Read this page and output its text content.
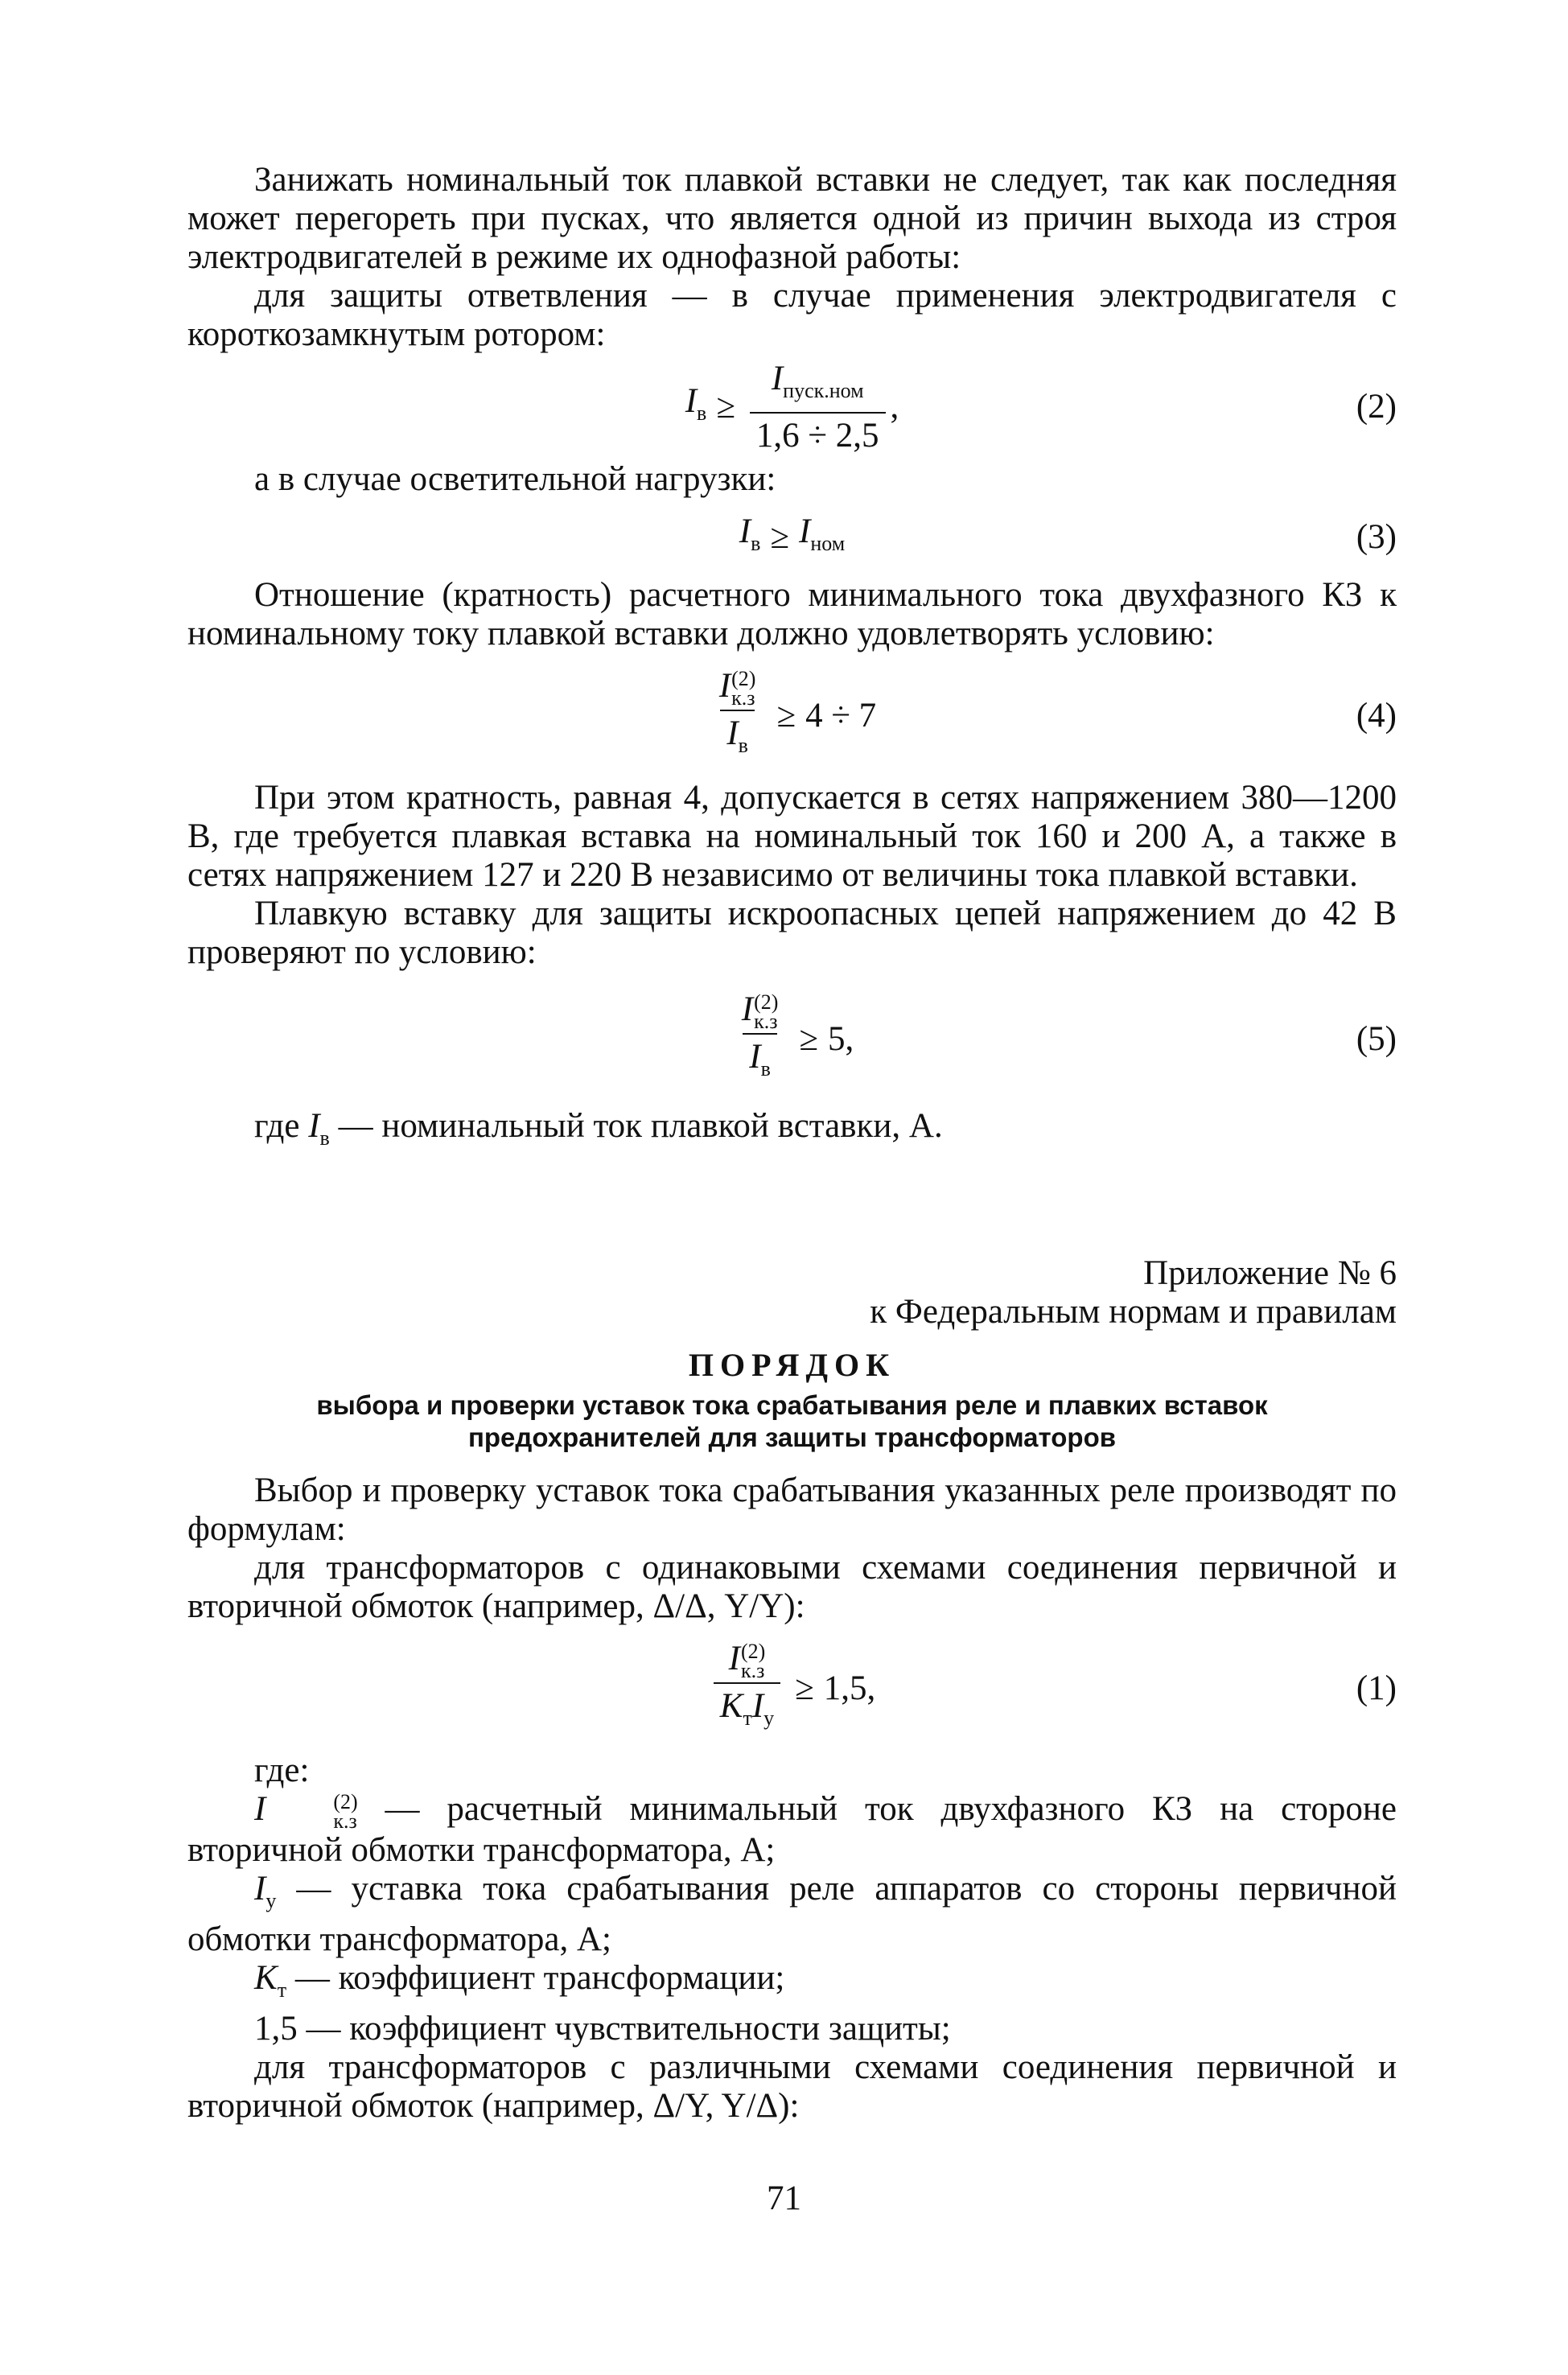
Занижать номинальный ток плавкой вставки не следует, так как последняя может перегореть при пусках, что является одной из причин выхода из строя электродвигателей в режиме их однофазной работы:

для защиты ответвления — в случае применения электродвигателя с короткозамкнутым ротором:

$I_в \ge \frac{I_{пуск.ном}}{1,6 \div 2,5}$ ,	(2)

а в случае осветительной нагрузки:

$I_в \ge I_{ном}$	(3)

Отношение (кратность) расчетного минимального тока двухфазного КЗ к номинальному току плавкой вставки должно удовлетворять условию:

I (2)
к.з
$I_в \ge 4 \div 7$	(4)

При этом кратность, равная 4, допускается в сетях напряжением 380—1200 В, где требуется плавкая вставка на номинальный ток 160 и 200 А, а также в сетях напряжением 127 и 220 В независимо от величины тока плавкой вставки.

Плавкую вставку для защиты искроопасных цепей напряжением до 42 В проверяют по условию:

I (2)
к.з
$I_в \ge 5$,	(5)

где $I_в$ — номинальный ток плавкой вставки, А.

Приложение № 6
к Федеральным нормам и правилам
ПОРЯДОК
выбора и проверки уставок тока срабатывания реле и плавких вставок
предохранителей для защиты трансформаторов

Выбор и проверку уставок тока срабатывания указанных реле производят по формулам:

для трансформаторов с одинаковыми схемами соединения первичной и вторичной обмоток (например, Δ/Δ, Y/Y):

I (2)
к.з
$K_тI_у \ge 1,5$,	(1)

где:

I	(2)
к.з — расчетный минимальный ток двухфазного КЗ на стороне вторичной обмотки трансформатора, А;

$I_у$ — уставка тока срабатывания реле аппаратов со стороны первичной обмотки трансформатора, А;

$K_т$ — коэффициент трансформации;

1,5 — коэффициент чувствительности защиты;

для трансформаторов с различными схемами соединения первичной и вторичной обмоток (например, Δ/Y, Y/Δ):

71
